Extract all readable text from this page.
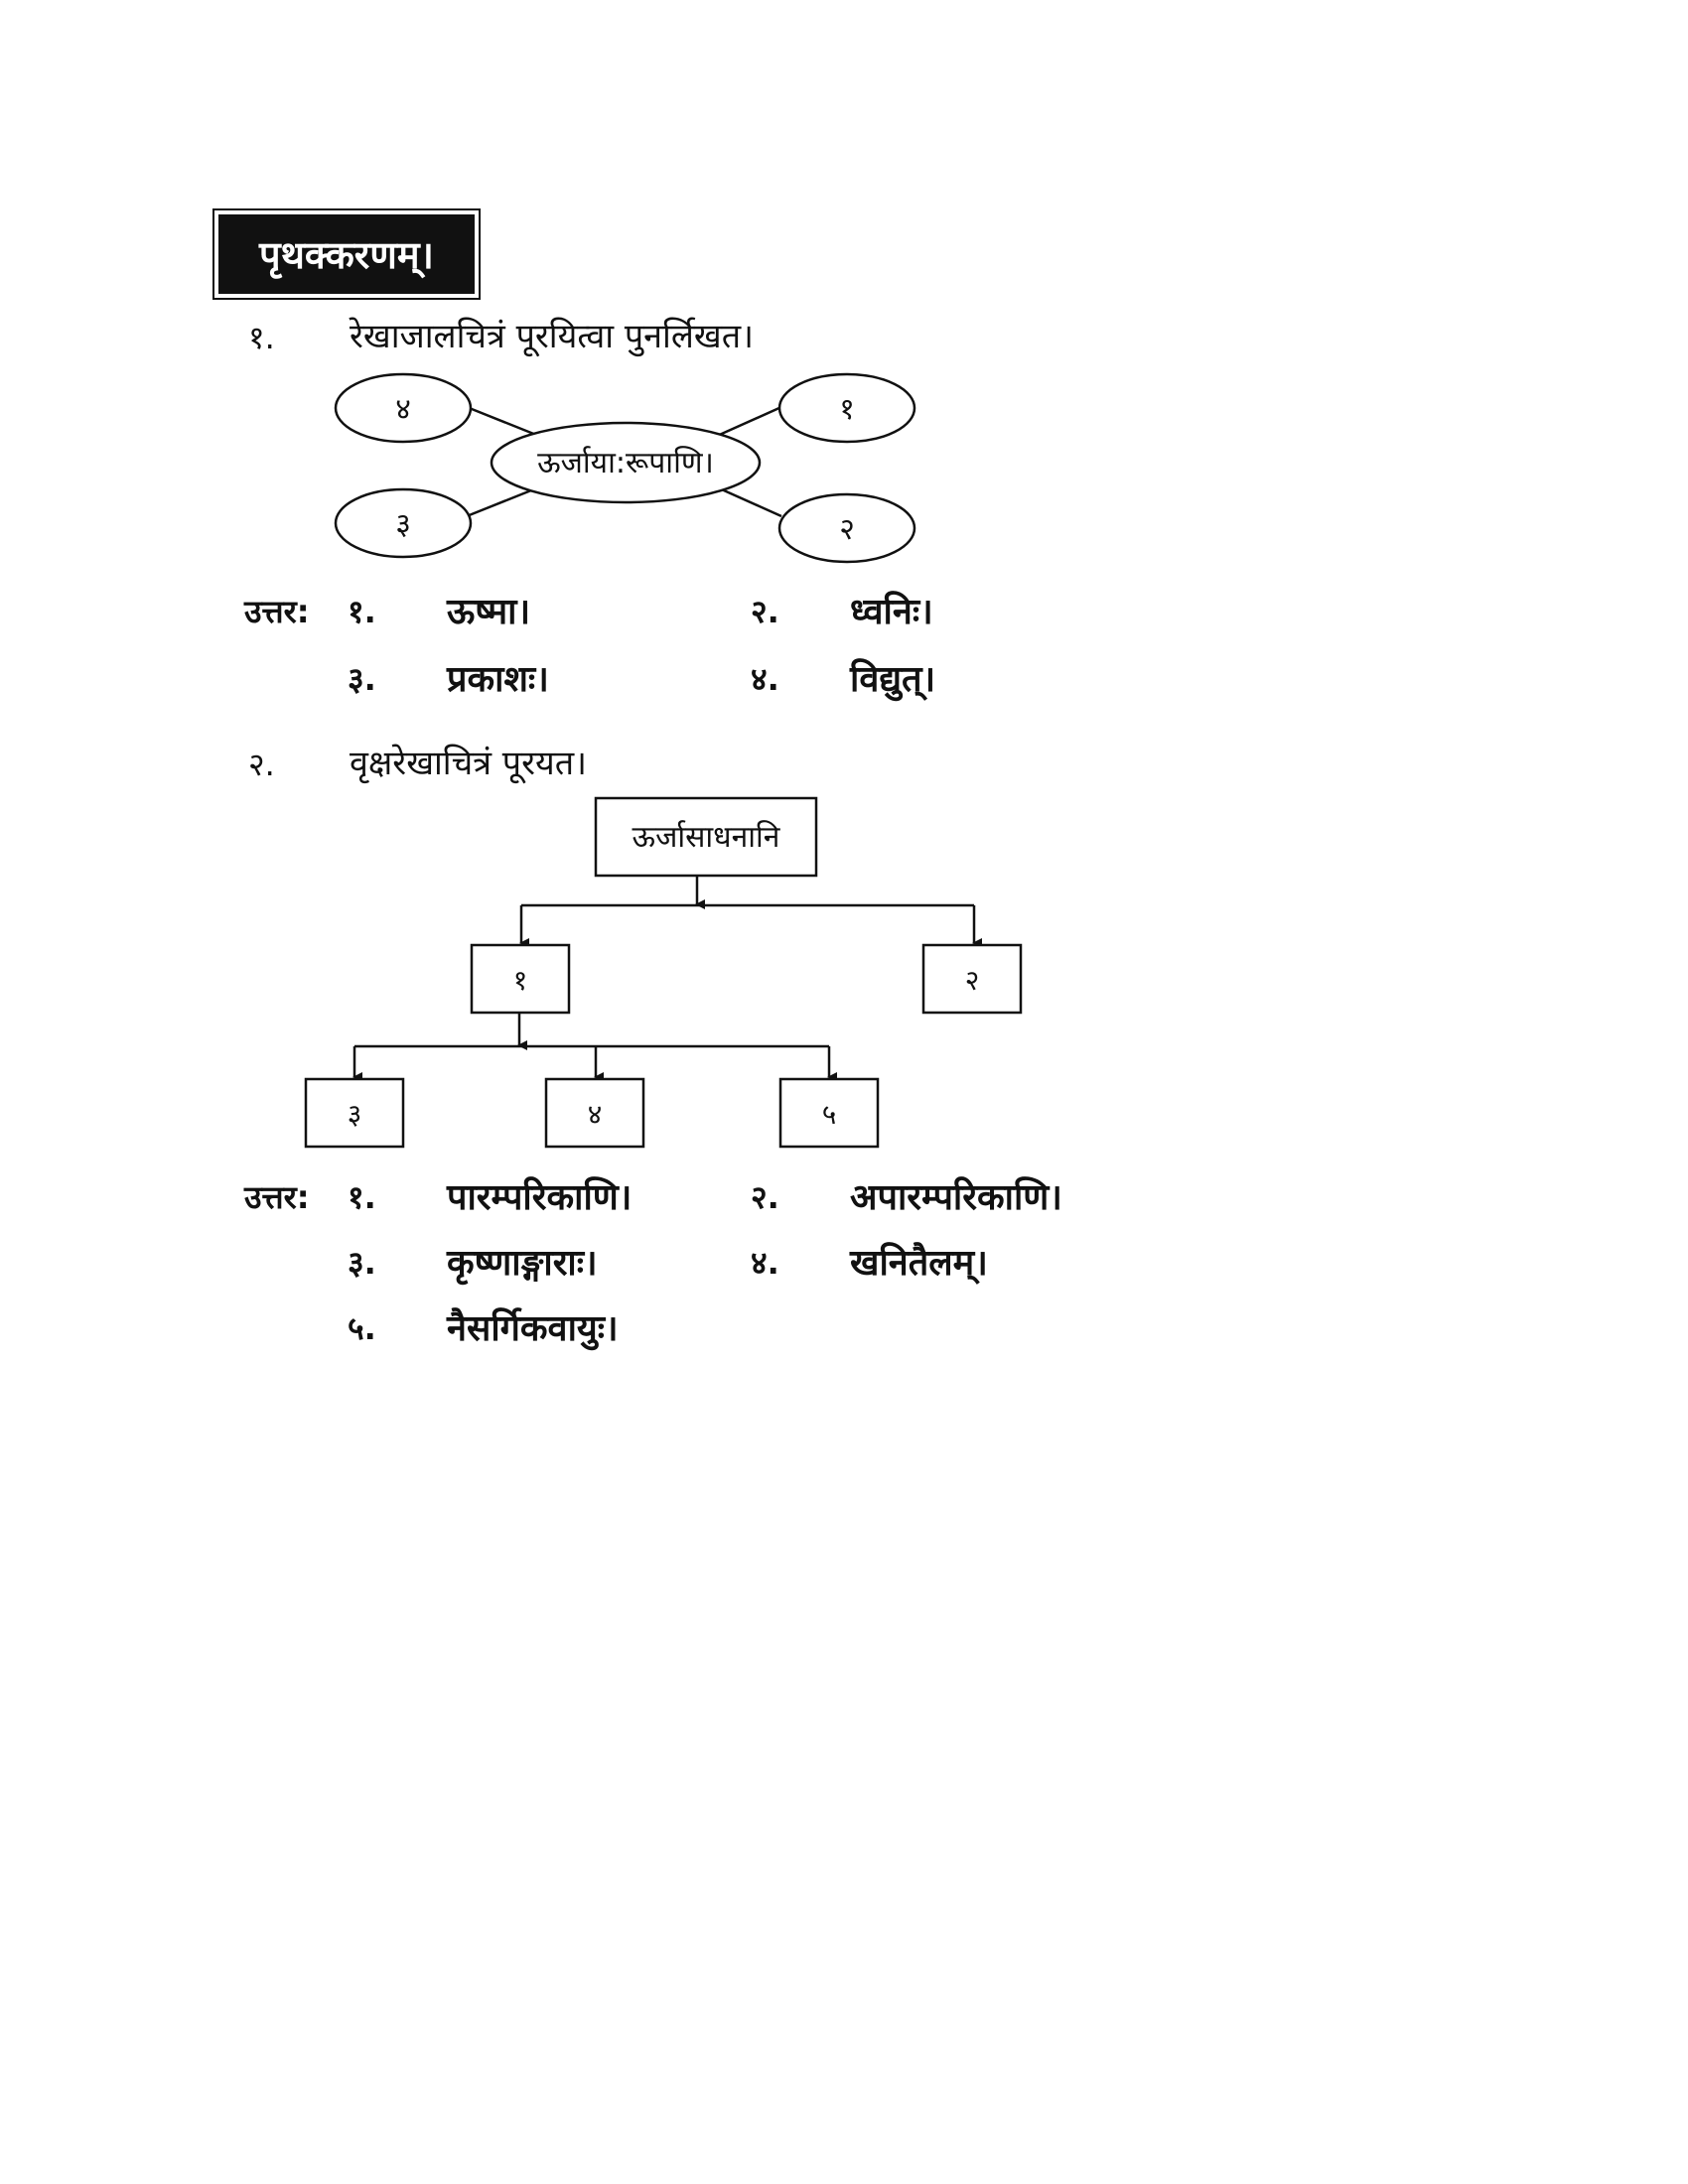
पृथक्करणम्।
१. रेखाजालचित्रं पूरयित्वा पुनर्लिखत।
४	१
३	२
ऊर्जाया:रूपाणि।
उत्तर: १. ऊष्मा।	२. ध्वनिः।
३. प्रकाशः।	४. विद्युत्।
२. वृक्षरेखाचित्रं पूरयत।
ऊर्जासाधनानि
१	२
३	४	५
उत्तर: १. पारम्परिकाणि।	२. अपारम्परिकाणि।
३. कृष्णाङ्गाराः।	४. खनितैलम्।
५. नैसर्गिकवायुः।
